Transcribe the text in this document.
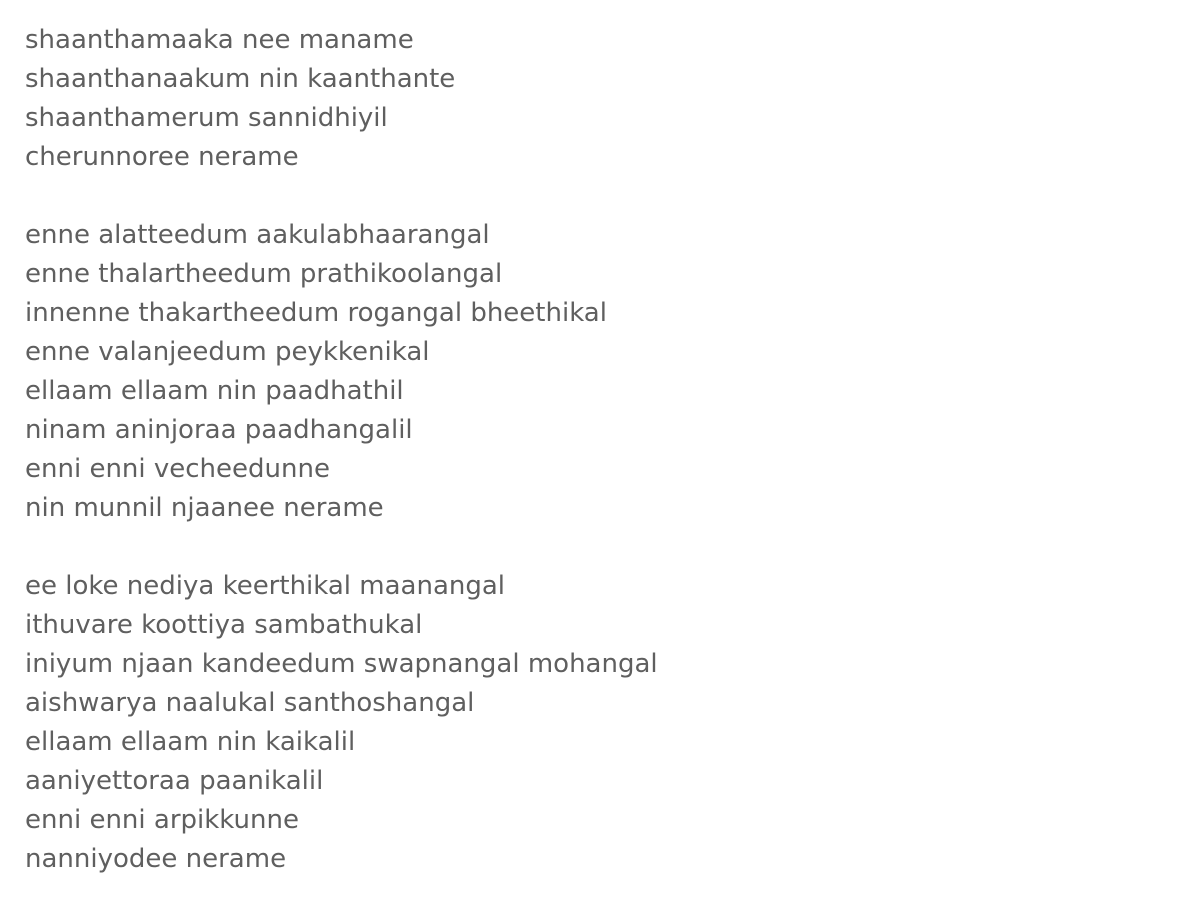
shaanthamaaka nee maname
shaanthanaakum nin kaanthante
shaanthamerum sannidhiyil
cherunnoree nerame
enne alatteedum aakulabhaarangal
enne thalartheedum prathikoolangal
innenne thakartheedum rogangal bheethikal
enne valanjeedum peykkenikal
ellaam ellaam nin paadhathil
ninam aninjoraa paadhangalil
enni enni vecheedunne
nin munnil njaanee nerame
ee loke nediya keerthikal maanangal
ithuvare koottiya sambathukal
iniyum njaan kandeedum swapnangal mohangal
aishwarya naalukal santhoshangal
ellaam ellaam nin kaikalil
aaniyettoraa paanikalil
enni enni arpikkunne
nanniyodee nerame
